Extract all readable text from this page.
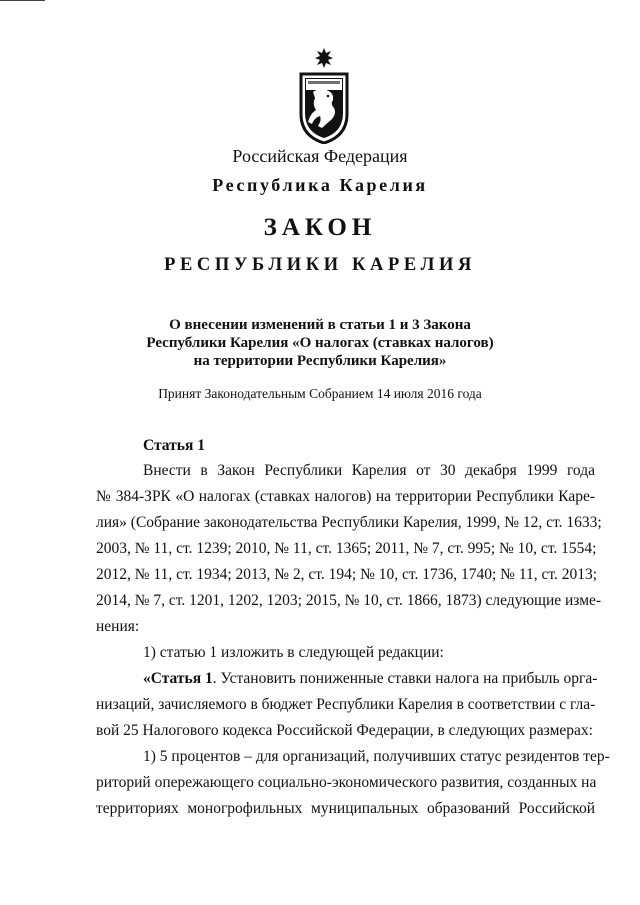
Российская Федерация
Республика Карелия
ЗАКОН
РЕСПУБЛИКИ КАРЕЛИЯ
О внесении изменений в статьи 1 и 3 Закона
Республики Карелия «О налогах (ставках налогов)
на территории Республики Карелия»
Принят Законодательным Собранием 14 июля 2016 года
Статья 1
Внести в Закон Республики Карелия от 30 декабря 1999 года
№ 384-ЗРК «О налогах (ставках налогов) на территории Республики Каре-
лия» (Собрание законодательства Республики Карелия, 1999, № 12, ст. 1633;
2003, № 11, ст. 1239; 2010, № 11, ст. 1365; 2011, № 7, ст. 995; № 10, ст. 1554;
2012, № 11, ст. 1934; 2013, № 2, ст. 194; № 10, ст. 1736, 1740; № 11, ст. 2013;
2014, № 7, ст. 1201, 1202, 1203; 2015, № 10, ст. 1866, 1873) следующие изме-
нения:
1) статью 1 изложить в следующей редакции:
«Статья 1. Установить пониженные ставки налога на прибыль орга-
низаций, зачисляемого в бюджет Республики Карелия в соответствии с гла-
вой 25 Налогового кодекса Российской Федерации, в следующих размерах:
1) 5 процентов – для организаций, получивших статус резидентов тер-
риторий опережающего социально-экономического развития, созданных на
территориях моногрофильных муниципальных образований Российской
